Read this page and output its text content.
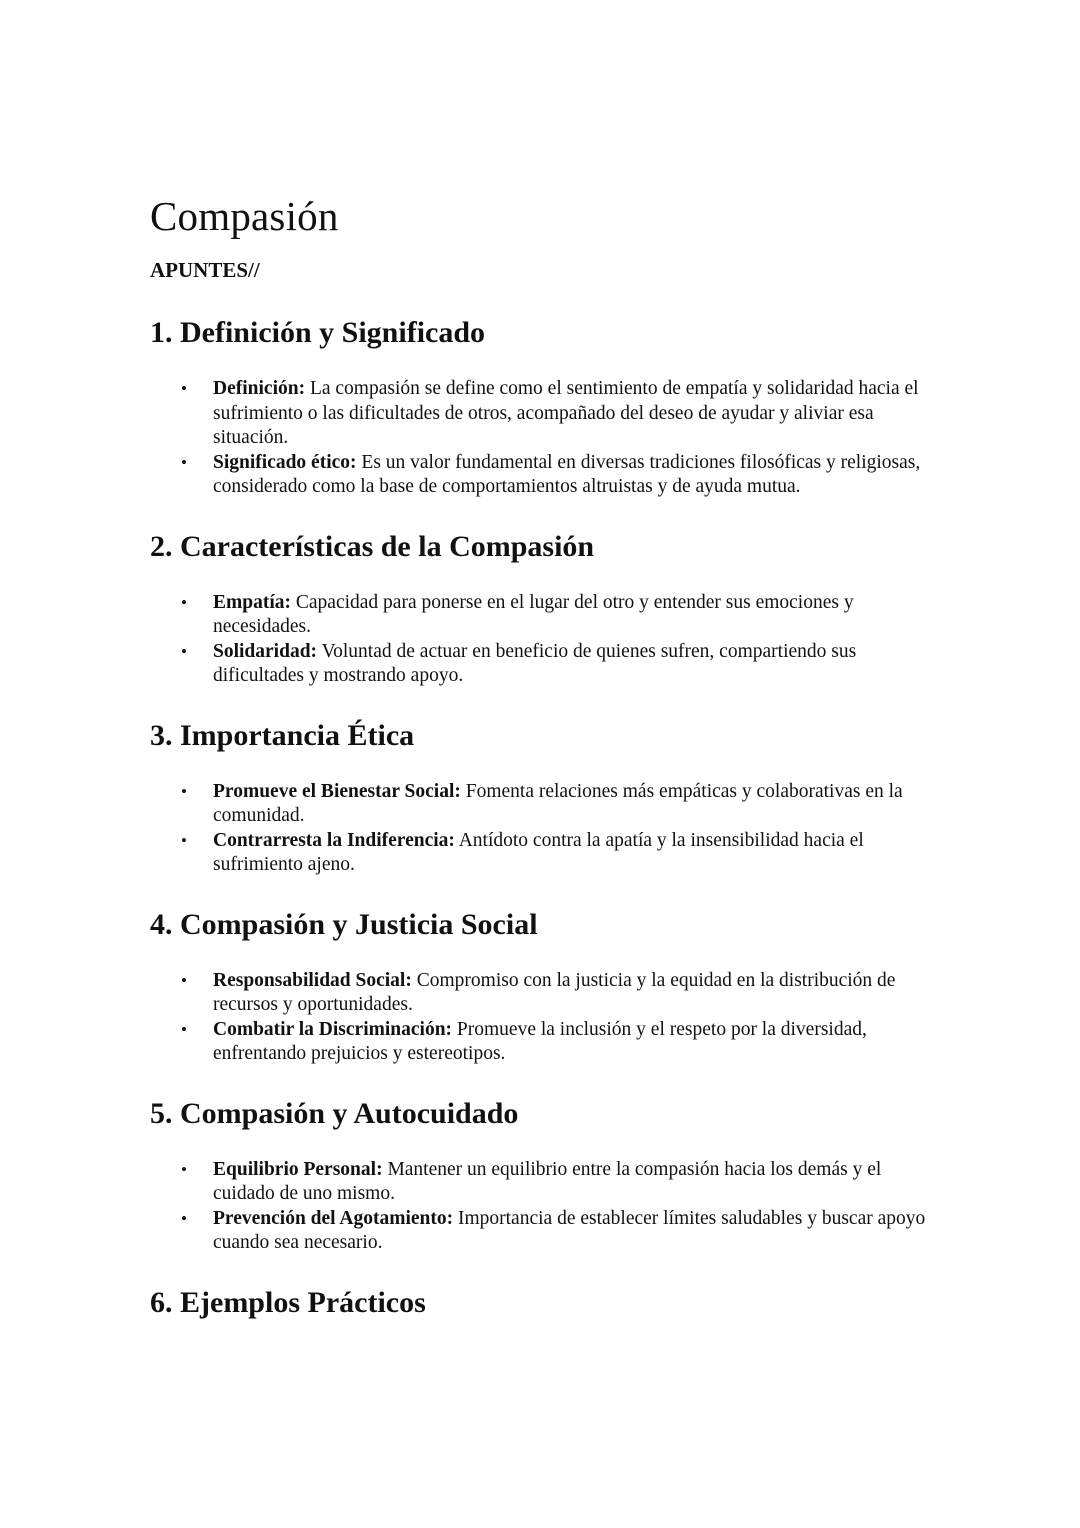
Compasión
APUNTES//
1. Definición y Significado
• Definición: La compasión se define como el sentimiento de empatía y solidaridad hacia el sufrimiento o las dificultades de otros, acompañado del deseo de ayudar y aliviar esa situación.
• Significado ético: Es un valor fundamental en diversas tradiciones filosóficas y religiosas, considerado como la base de comportamientos altruistas y de ayuda mutua.
2. Características de la Compasión
• Empatía: Capacidad para ponerse en el lugar del otro y entender sus emociones y necesidades.
• Solidaridad: Voluntad de actuar en beneficio de quienes sufren, compartiendo sus dificultades y mostrando apoyo.
3. Importancia Ética
• Promueve el Bienestar Social: Fomenta relaciones más empáticas y colaborativas en la comunidad.
• Contrarresta la Indiferencia: Antídoto contra la apatía y la insensibilidad hacia el sufrimiento ajeno.
4. Compasión y Justicia Social
• Responsabilidad Social: Compromiso con la justicia y la equidad en la distribución de recursos y oportunidades.
• Combatir la Discriminación: Promueve la inclusión y el respeto por la diversidad, enfrentando prejuicios y estereotipos.
5. Compasión y Autocuidado
• Equilibrio Personal: Mantener un equilibrio entre la compasión hacia los demás y el cuidado de uno mismo.
• Prevención del Agotamiento: Importancia de establecer límites saludables y buscar apoyo cuando sea necesario.
6. Ejemplos Prácticos
